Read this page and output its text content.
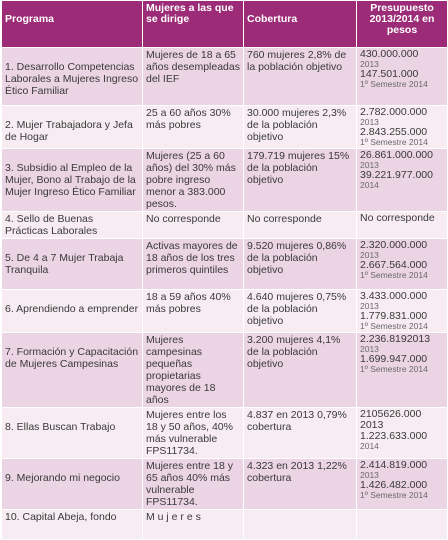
Programa	Mujeres a las que se dirige	Cobertura	Presupuesto 2013/2014 en pesos
1. Desarrollo Competencias Laborales a Mujeres Ingreso Ético Familiar	Mujeres de 18 a 65 años desempleadas del IEF	760 mujeres 2,8% de la población objetivo	430.000.000
2013
147.501.000
1º Semestre 2014

2. Mujer Trabajadora y Jefa de Hogar	25 a 60 años 30% más pobres	30.000 mujeres 2,3% de la población objetivo	2.782.000.000
2013
2.843.255.000
1º Semestre 2014

3. Subsidio al Empleo de la Mujer, Bono al Trabajo de la Mujer Ingreso Ético Familiar	Mujeres (25 a 60 años) del 30% más pobre ingreso menor a 383.000 pesos.	179.719 mujeres 15% de la población objetivo	26.861.000.000
2013
39.221.977.000
2014

4. Sello de Buenas Prácticas Laborales	No corresponde	No corresponde	No corresponde

5. De 4 a 7 Mujer Trabaja Tranquila	Activas mayores de 18 años de los tres primeros quintiles	9.520 mujeres 0,86% de la población objetivo	2.320.000.000
2013
2.667.564.000
1º Semestre 2014

6. Aprendiendo a emprender	18 a 59 años 40% más pobres	4.640 mujeres 0,75% de la población objetivo	3.433.000.000
2013
1.779.831.000
1º Semestre 2014

7. Formación y Capacitación de Mujeres Campesinas	Mujeres campesinas pequeñas propietarias mayores de 18 años	3.200 mujeres 4,1% de la población objetivo	2.236.8192013
2013
1.699.947.000
1º Semestre 2014

8. Ellas Buscan Trabajo	Mujeres entre los 18 y 50 años, 40% más vulnerable FPS11734.	4.837 en 2013 0,79% cobertura	2105626.000 2013
1.223.633.000
2014

9. Mejorando mi negocio	Mujeres entre 18 y 65 años 40% más vulnerable FPS11734.	4.323 en 2013 1,22% cobertura	2.414.819.000
2013
1.426.482.000
1º Semestre 2014

10. Capital Abeja, fondo	M u j e r e s		
